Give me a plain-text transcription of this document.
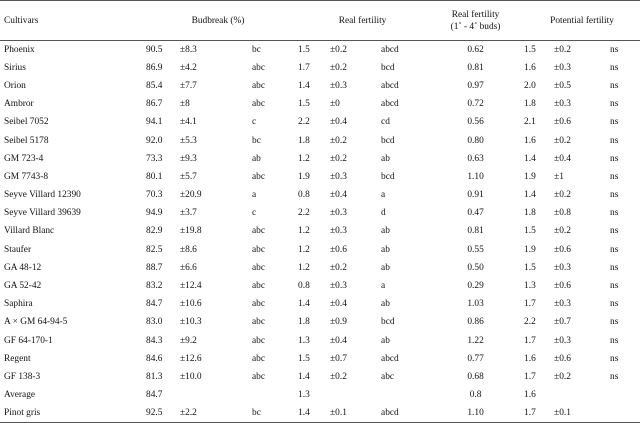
Cultivars	Budbreak (%)			Real fertility			Real fertility
(1˚ - 4˚ buds)	Potential fertility		
Phoenix	90.5	±8.3	bc	1.5	±0.2	abcd	0.62	1.5	±0.2	ns
Sirius	86.9	±4.2	abc	1.7	±0.2	bcd	0.81	1.6	±0.3	ns
Orion	85.4	±7.7	abc	1.4	±0.3	abcd	0.97	2.0	±0.5	ns
Ambror	86.7	±8	abc	1.5	±0	abcd	0.72	1.8	±0.3	ns
Seibel 7052	94.1	±4.1	c	2.2	±0.4	cd	0.56	2.1	±0.6	ns
Seibel 5178	92.0	±5.3	bc	1.8	±0.2	bcd	0.80	1.6	±0.2	ns
GM 723-4	73.3	±9.3	ab	1.2	±0.2	ab	0.63	1.4	±0.4	ns
GM 7743-8	80.1	±5.7	abc	1.9	±0.3	bcd	1.10	1.9	±1	ns
Seyve Villard 12390	70.3	±20.9	a	0.8	±0.4	a	0.91	1.4	±0.2	ns
Seyve Villard 39639	94.9	±3.7	c	2.2	±0.3	d	0.47	1.8	±0.8	ns
Villard Blanc	82.9	±19.8	abc	1.2	±0.3	ab	0.81	1.5	±0.2	ns
Staufer	82.5	±8.6	abc	1.2	±0.6	ab	0.55	1.9	±0.6	ns
GA 48-12	88.7	±6.6	abc	1.2	±0.2	ab	0.50	1.5	±0.3	ns
GA 52-42	83.2	±12.4	abc	0.8	±0.3	a	0.29	1.3	±0.6	ns
Saphira	84.7	±10.6	abc	1.4	±0.4	ab	1.03	1.7	±0.3	ns
A × GM 64-94-5	83.0	±10.3	abc	1.8	±0.9	bcd	0.86	2.2	±0.7	ns
GF 64-170-1	84.3	±9.2	abc	1.3	±0.4	ab	1.22	1.7	±0.3	ns
Regent	84.6	±12.6	abc	1.5	±0.7	abcd	0.77	1.6	±0.6	ns
GF 138-3	81.3	±10.0	abc	1.4	±0.2	abc	0.68	1.7	±0.2	ns
Average	84.7			1.3			0.8	1.6		
Pinot gris	92.5	±2.2	bc	1.4	±0.1	abcd	1.10	1.7	±0.1	
